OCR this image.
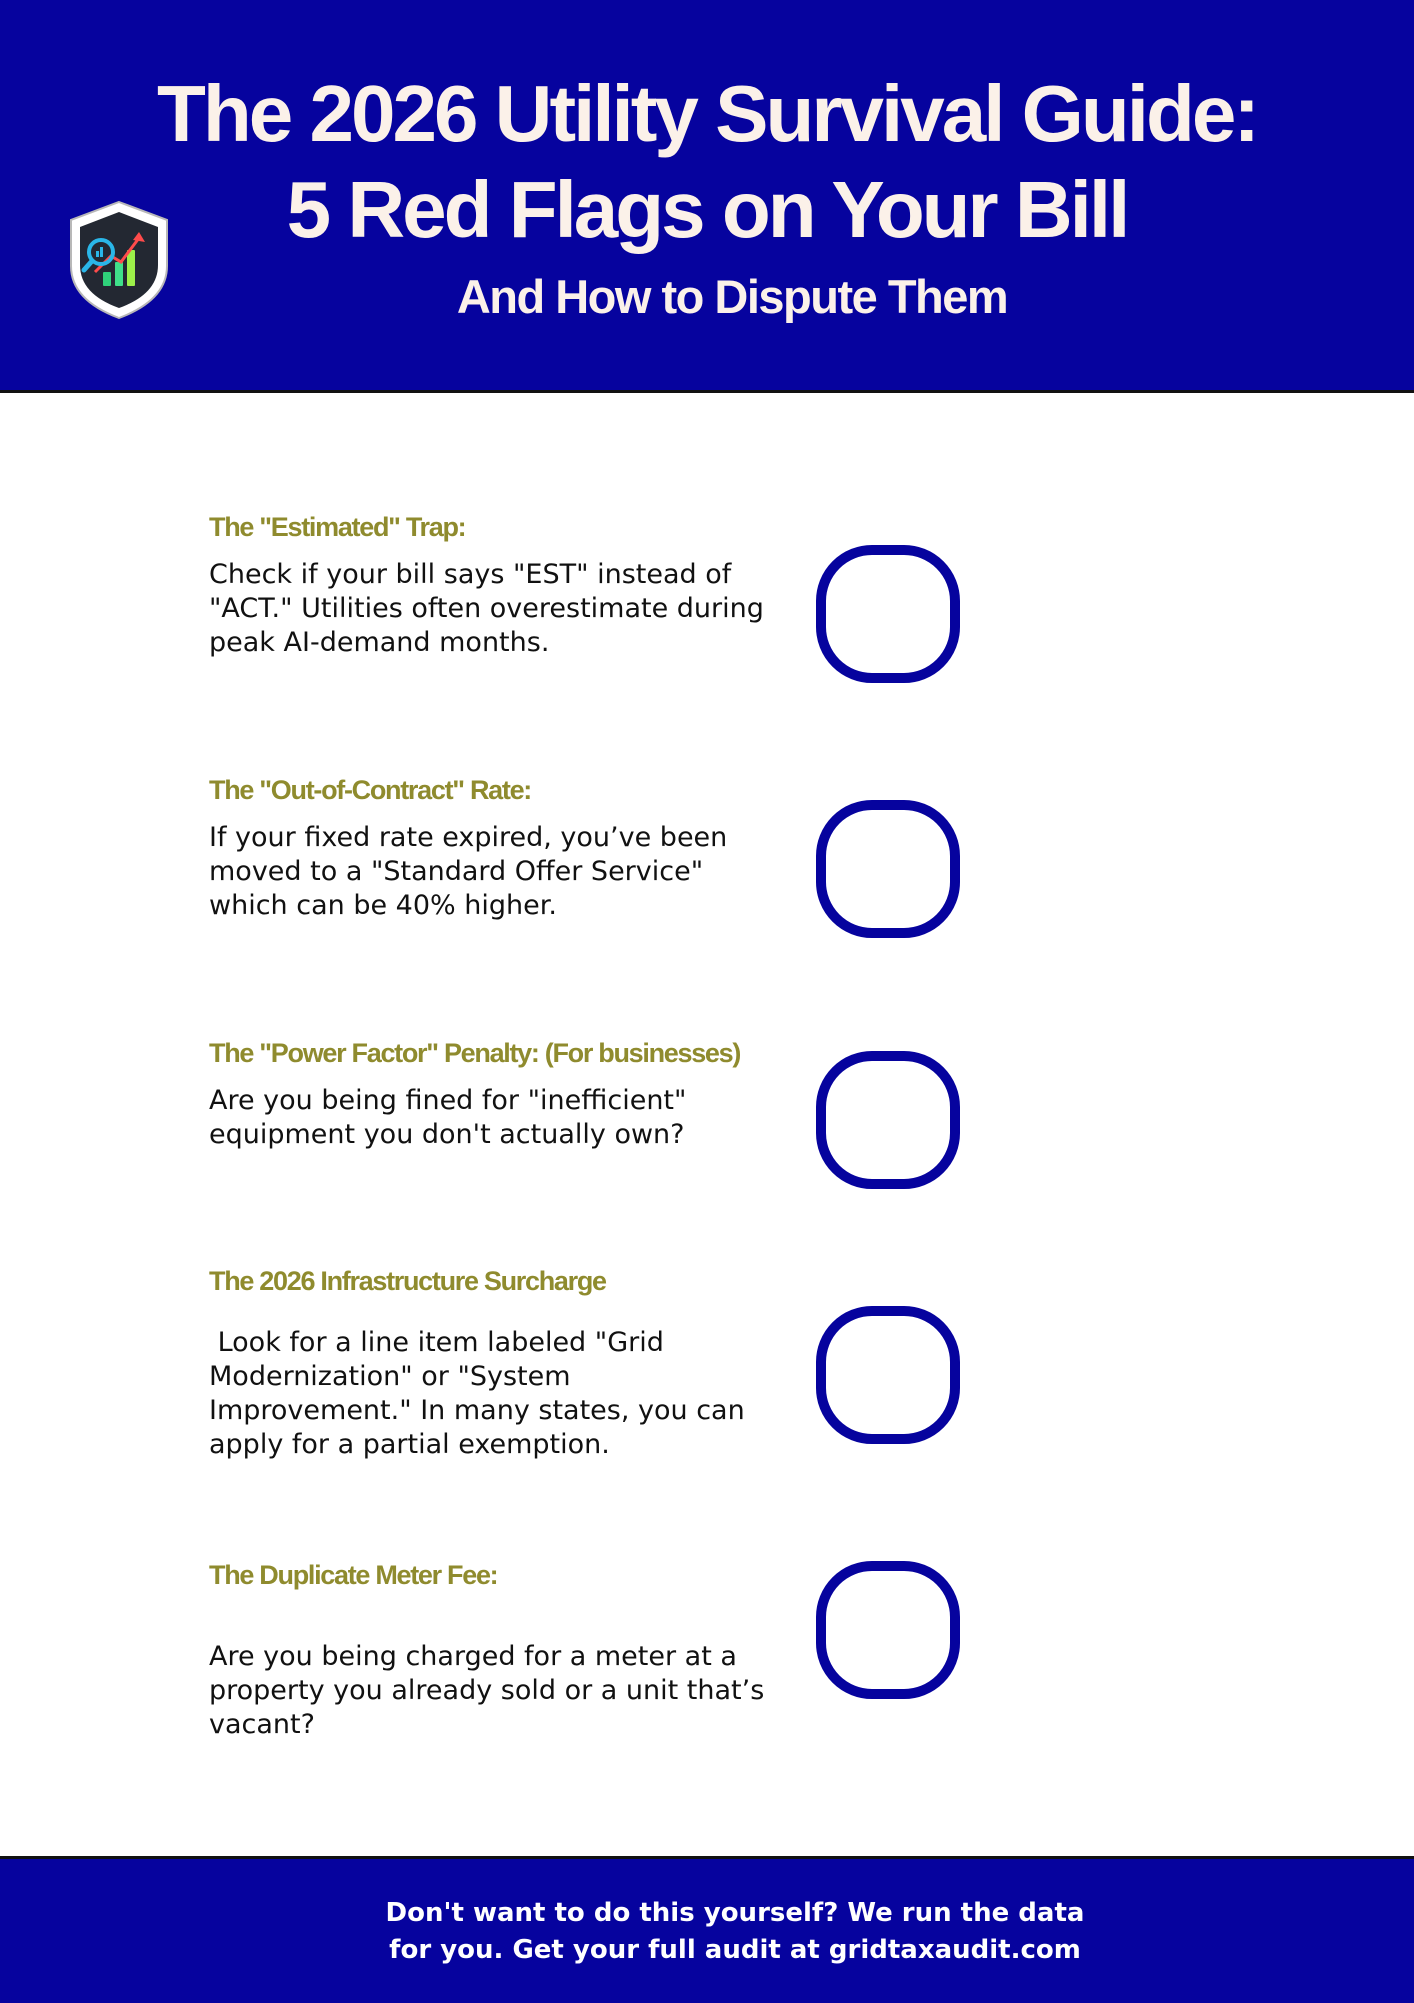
The 2026 Utility Survival Guide:
5 Red Flags on Your Bill
And How to Dispute Them
The "Estimated" Trap:
Check if your bill says "EST" instead of "ACT." Utilities often overestimate during peak AI-demand months.
The "Out-of-Contract" Rate:
If your fixed rate expired, you’ve been moved to a "Standard Offer Service" which can be 40% higher.
The "Power Factor" Penalty: (For businesses)
Are you being fined for "inefficient" equipment you don't actually own?
The 2026 Infrastructure Surcharge
Look for a line item labeled "Grid Modernization" or "System Improvement." In many states, you can apply for a partial exemption.
The Duplicate Meter Fee:
Are you being charged for a meter at a property you already sold or a unit that’s vacant?

Don't want to do this yourself? We run the data
for you. Get your full audit at gridtaxaudit.com
